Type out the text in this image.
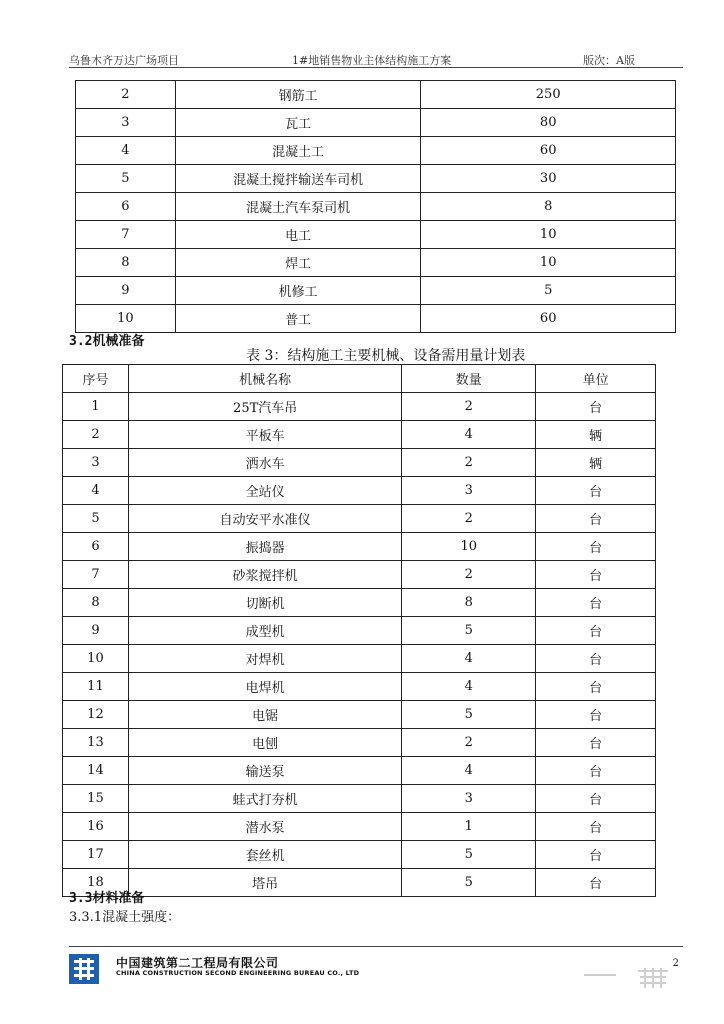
乌鲁木齐万达广场项目	1#地销售物业主体结构施工方案	版次：A版
2	钢筋工	250
3	瓦工	80
4	混凝土工	60
5	混凝土搅拌输送车司机	30
6	混凝土汽车泵司机	8
7	电工	10
8	焊工	10
9	机修工	5
10	普工	60
3.2机械准备
表 3：结构施工主要机械、设备需用量计划表
序号	机械名称	数量	单位
1	25T汽车吊	2	台
2	平板车	4	辆
3	洒水车	2	辆
4	全站仪	3	台
5	自动安平水准仪	2	台
6	振捣器	10	台
7	砂浆搅拌机	2	台
8	切断机	8	台
9	成型机	5	台
10	对焊机	4	台
11	电焊机	4	台
12	电锯	5	台
13	电刨	2	台
14	输送泵	4	台
15	蛙式打夯机	3	台
16	潜水泵	1	台
17	套丝机	5	台
18	塔吊	5	台
3.3材料准备
3.3.1混凝土强度：
中国建筑第二工程局有限公司
CHINA CONSTRUCTION SECOND ENGINEERING BUREAU CO., LTD
2
